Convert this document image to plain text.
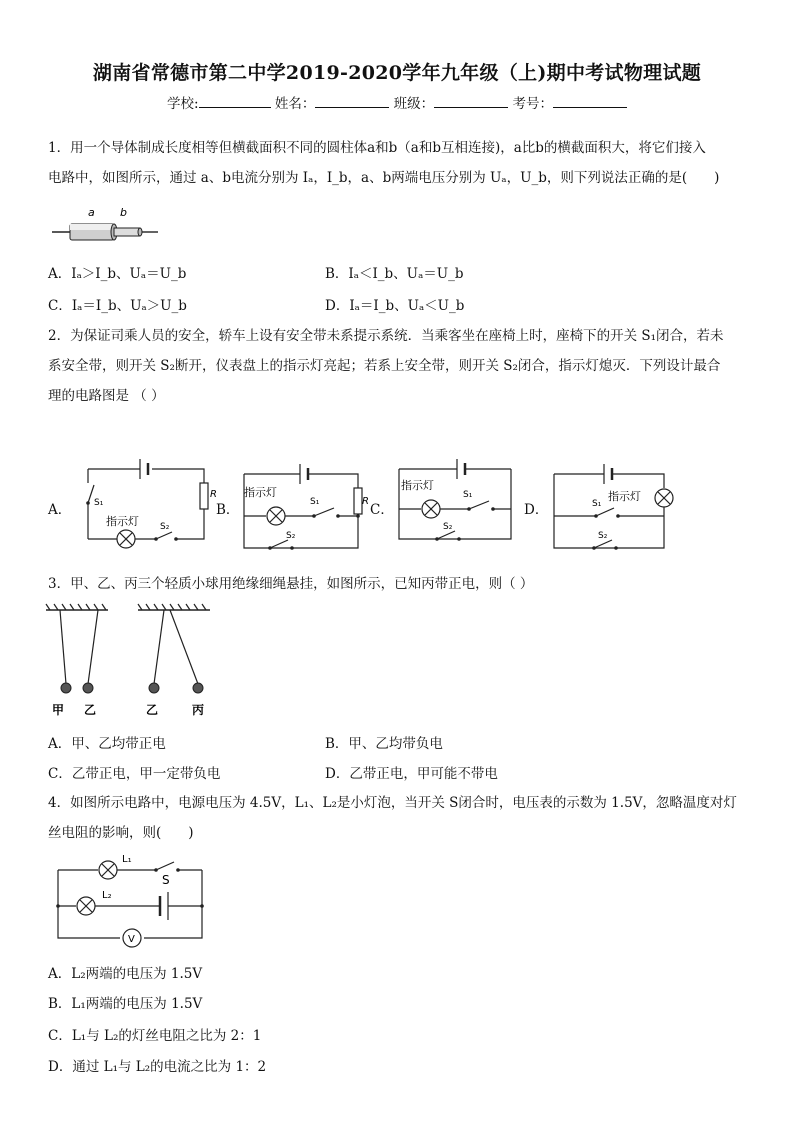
湖南省常德市第二中学2019-2020学年九年级（上)期中考试物理试题
学校:	姓名：	班级：	考号：
1．用一个导体制成长度相等但横截面积不同的圆柱体a和b（a和b互相连接)，a比b的横截面积大，将它们接入
电路中，如图所示，通过 a、b电流分别为 Iₐ，I_b，a、b两端电压分别为 Uₐ，U_b，则下列说法正确的是(　　)
a b
A．Iₐ＞I_b、Uₐ＝U_b	B．Iₐ＜I_b、Uₐ＝U_b
C．Iₐ＝I_b、Uₐ＞U_b	D．Iₐ＝I_b、Uₐ＜U_b
2．为保证司乘人员的安全，轿车上设有安全带未系提示系统．当乘客坐在座椅上时，座椅下的开关 S₁闭合，若未
系安全带，则开关 S₂断开，仪表盘上的指示灯亮起；若系上安全带，则开关 S₂闭合，指示灯熄灭．下列设计最合
理的电路图是 （ ）
A．	B．	C．	D．
S₁
S₂
R
指示灯
指示灯
S₁
S₂
R
指示灯
S₁
S₂
S₁
S₂
指示灯
3．甲、乙、丙三个轻质小球用绝缘细绳悬挂，如图所示，已知丙带正电，则（ ）
甲 乙	乙	丙
A．甲、乙均带正电	B．甲、乙均带负电
C．乙带正电，甲一定带负电	D．乙带正电，甲可能不带电
4．如图所示电路中，电源电压为 4.5V，L₁、L₂是小灯泡，当开关 S闭合时，电压表的示数为 1.5V，忽略温度对灯
丝电阻的影响，则(　　)
L₁
L₂
S
V
A．L₂两端的电压为 1.5V
B．L₁两端的电压为 1.5V
C．L₁与 L₂的灯丝电阻之比为 2：1
D．通过 L₁与 L₂的电流之比为 1：2
